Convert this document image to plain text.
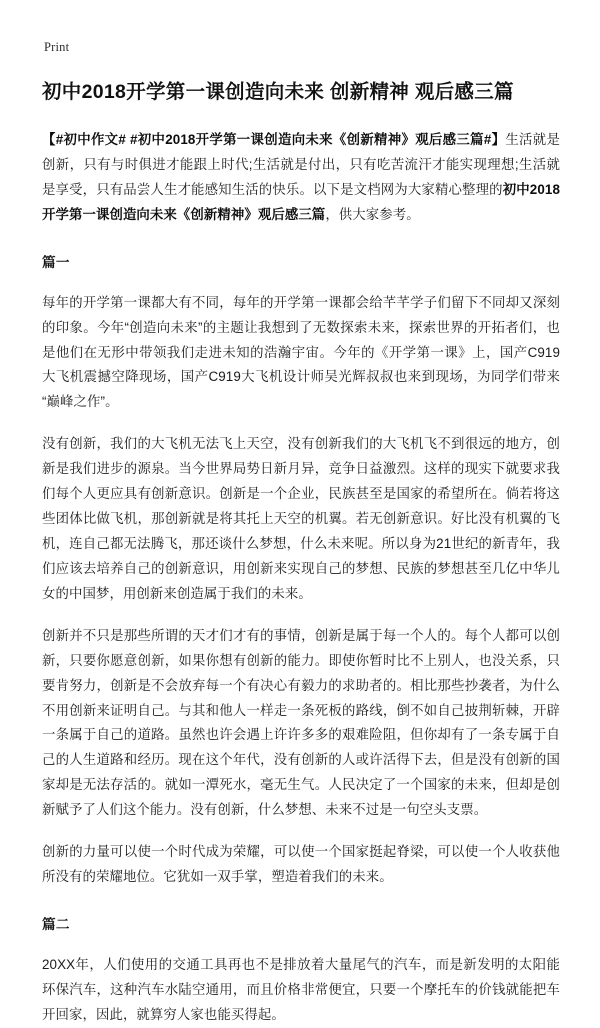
Print
初中2018开学第一课创造向未来 创新精神 观后感三篇

【#初中作文# #初中2018开学第一课创造向未来《创新精神》观后感三篇#】生活就是创新，只有与时俱进才能跟上时代;生活就是付出，只有吃苦流汗才能实现理想;生活就是享受，只有品尝人生才能感知生活的快乐。以下是文档网为大家精心整理的初中2018开学第一课创造向未来《创新精神》观后感三篇，供大家参考。

篇一

每年的开学第一课都大有不同，每年的开学第一课都会给芊芊学子们留下不同却又深刻的印象。今年“创造向未来”的主题让我想到了无数探索未来，探索世界的开拓者们，也是他们在无形中带领我们走进未知的浩瀚宇宙。今年的《开学第一课》上，国产C919大飞机震撼空降现场，国产C919大飞机设计师吴光辉叔叔也来到现场，为同学们带来“巅峰之作”。

没有创新，我们的大飞机无法飞上天空，没有创新我们的大飞机飞不到很远的地方，创新是我们进步的源泉。当今世界局势日新月异，竞争日益激烈。这样的现实下就要求我们每个人更应具有创新意识。创新是一个企业，民族甚至是国家的希望所在。倘若将这些团体比做飞机，那创新就是将其托上天空的机翼。若无创新意识。好比没有机翼的飞机，连自己都无法腾飞，那还谈什么梦想，什么未来呢。所以身为21世纪的新青年，我们应该去培养自己的创新意识，用创新来实现自己的梦想、民族的梦想甚至几亿中华儿女的中国梦，用创新来创造属于我们的未来。

创新并不只是那些所谓的天才们才有的事情，创新是属于每一个人的。每个人都可以创新，只要你愿意创新，如果你想有创新的能力。即使你暂时比不上别人，也没关系，只要肯努力，创新是不会放弃每一个有决心有毅力的求助者的。相比那些抄袭者，为什么不用创新来证明自己。与其和他人一样走一条死板的路线，倒不如自己披荆斩棘，开辟一条属于自己的道路。虽然也许会遇上许许多多的艰难险阻，但你却有了一条专属于自己的人生道路和经历。现在这个年代，没有创新的人或许活得下去，但是没有创新的国家却是无法存活的。就如一潭死水，毫无生气。人民决定了一个国家的未来，但却是创新赋予了人们这个能力。没有创新，什么梦想、未来不过是一句空头支票。

创新的力量可以使一个时代成为荣耀，可以使一个国家挺起脊梁，可以使一个人收获他所没有的荣耀地位。它犹如一双手掌，塑造着我们的未来。

篇二

20XX年，人们使用的交通工具再也不是排放着大量尾气的汽车，而是新发明的太阳能环保汽车，这种汽车水陆空通用，而且价格非常便宜，只要一个摩托车的价钱就能把车开回家，因此，就算穷人家也能买得起。
